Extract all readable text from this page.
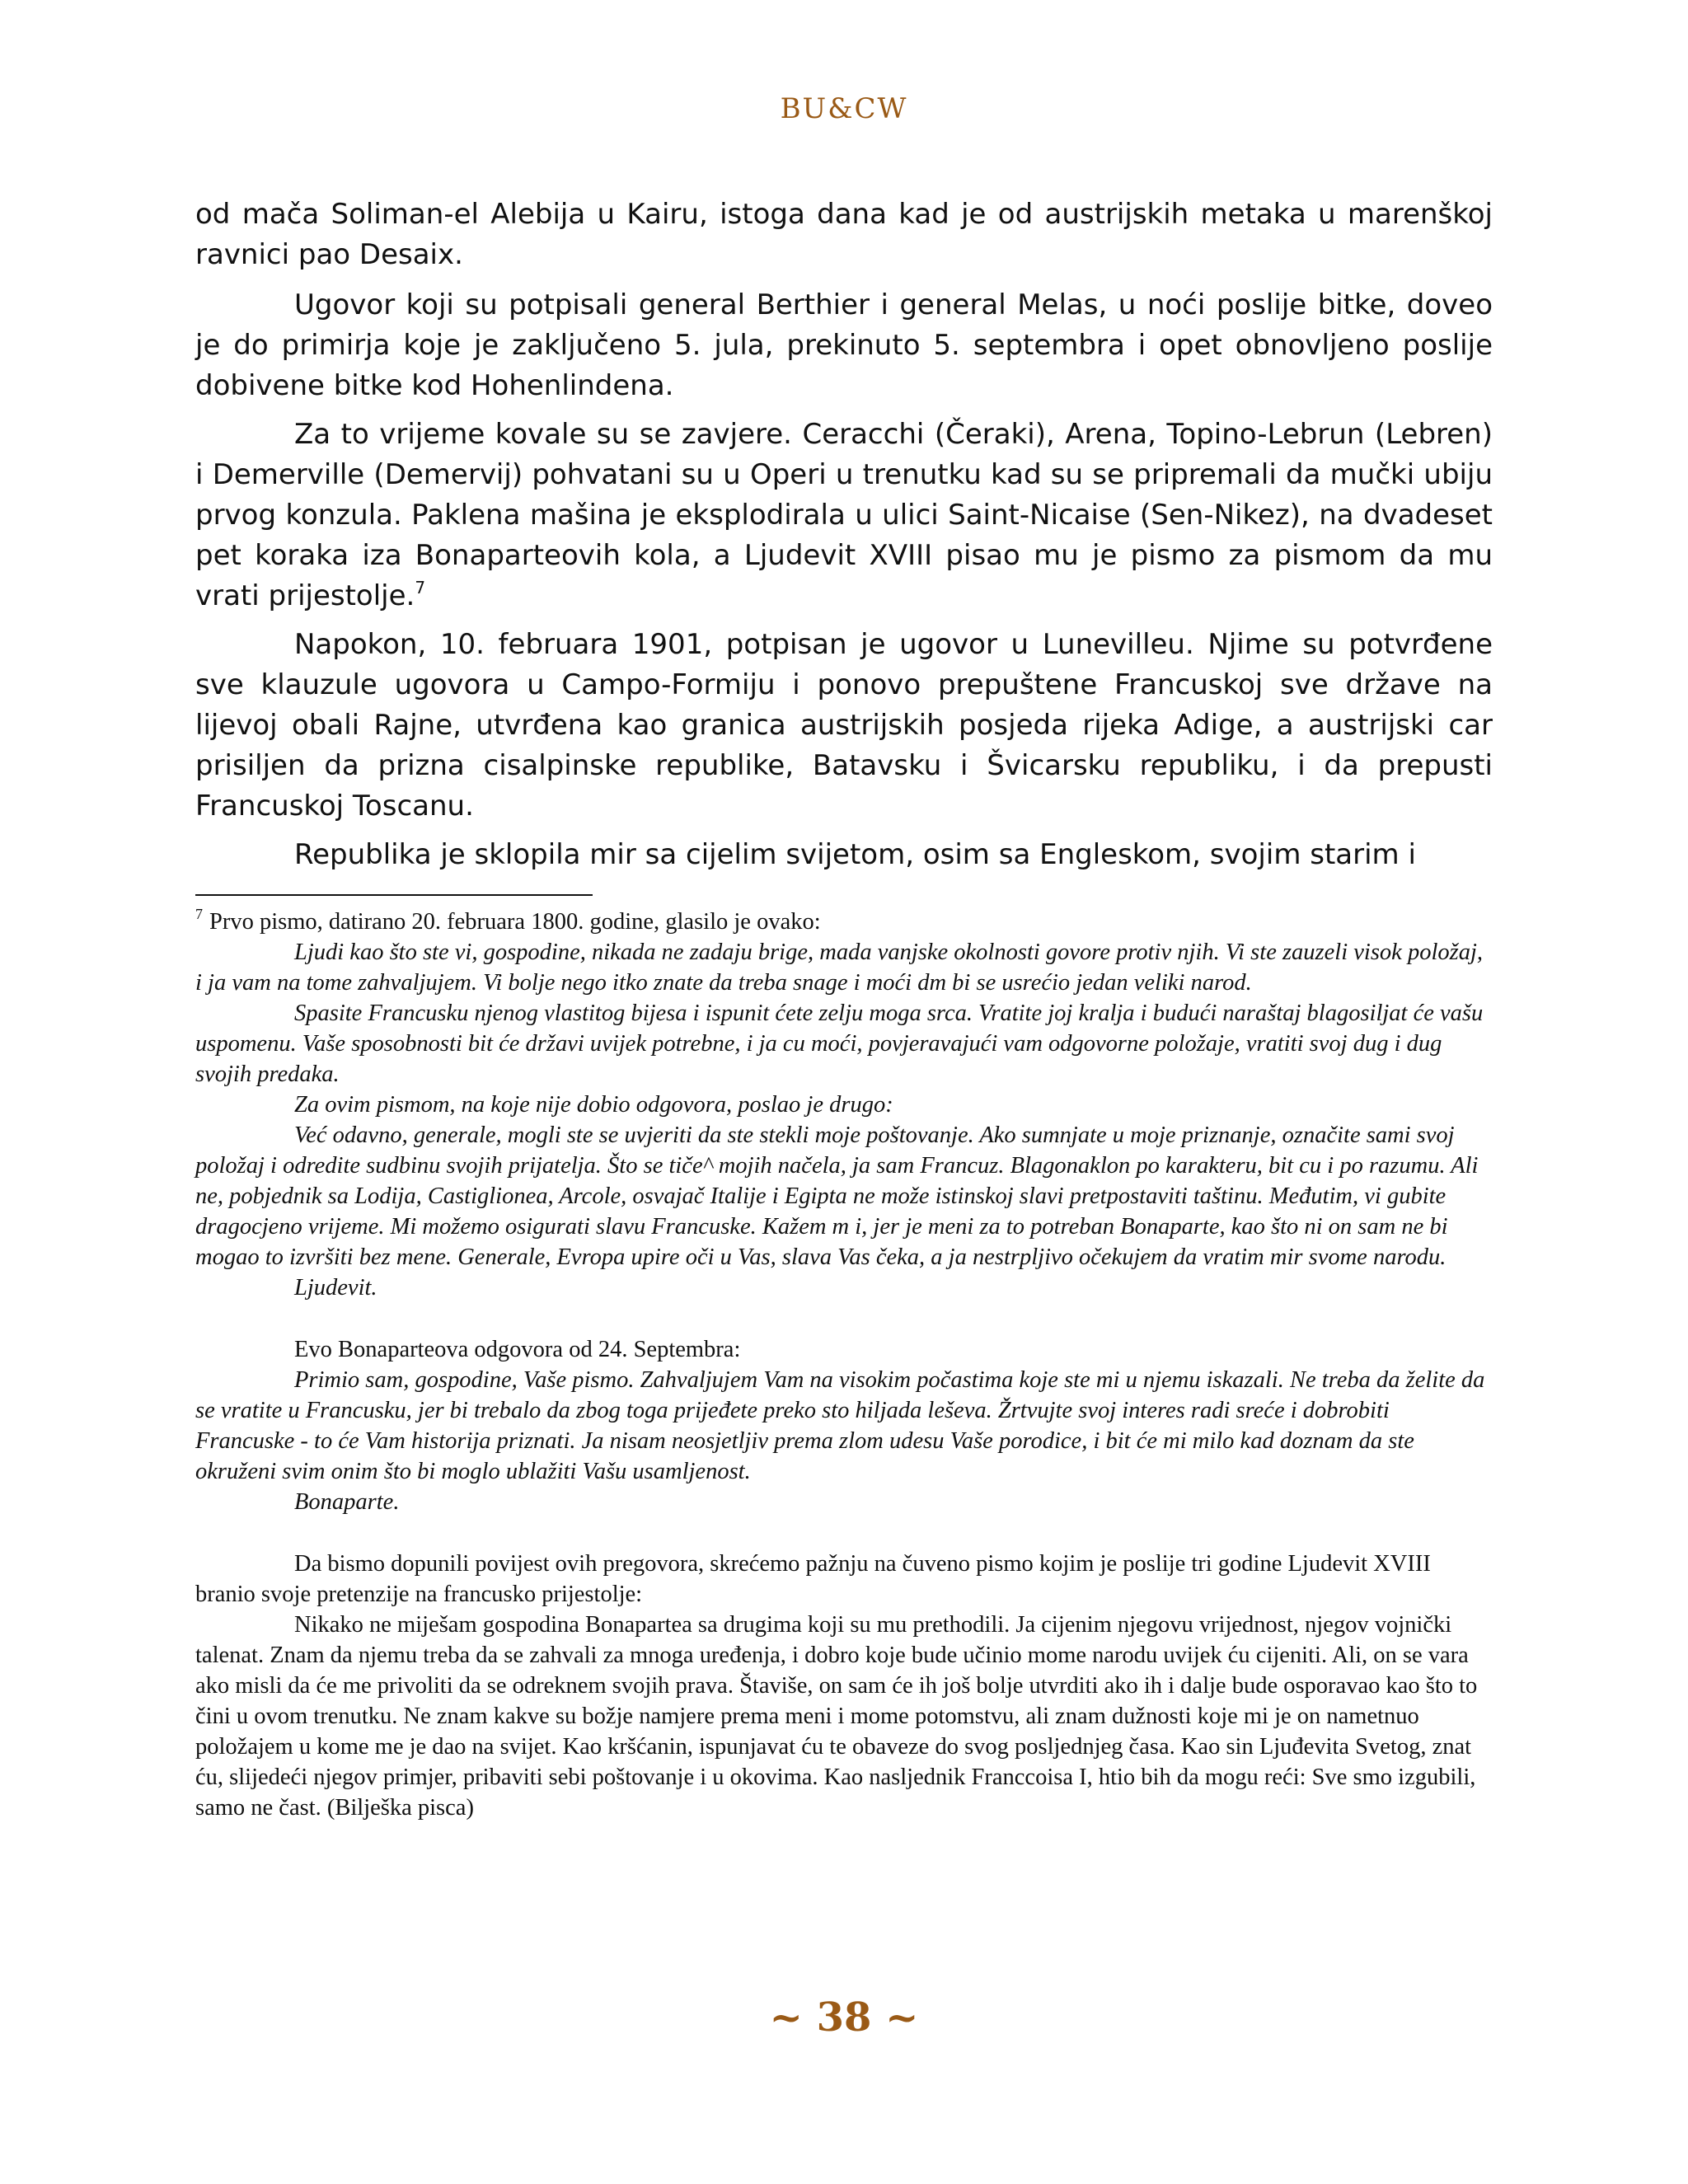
BU&CW

od mača Soliman-el Alebija u Kairu, istoga dana kad je od austrijskih metaka u marenškoj ravnici pao Desaix.

Ugovor koji su potpisali general Berthier i general Melas, u noći poslije bitke, doveo je do primirja koje je zaključeno 5. jula, prekinuto 5. septembra i opet obnovljeno poslije dobivene bitke kod Hohenlindena.

Za to vrijeme kovale su se zavjere. Ceracchi (Čeraki), Arena, Topino-Lebrun (Lebren) i Demerville (Demervij) pohvatani su u Operi u trenutku kad su se pripremali da mučki ubiju prvog konzula. Paklena mašina je eksplodirala u ulici Saint-Nicaise (Sen-Nikez), na dvadeset pet koraka iza Bonaparteovih kola, a Ljudevit XVIII pisao mu je pismo za pismom da mu vrati prijestolje.$^7$

Napokon, 10. februara 1901, potpisan je ugovor u Lunevilleu. Njime su potvrđene sve klauzule ugovora u Campo-Formiju i ponovo prepuštene Francuskoj sve države na lijevoj obali Rajne, utvrđena kao granica austrijskih posjeda rijeka Adige, a austrijski car prisiljen da prizna cisalpinske republike, Batavsku i Švicarsku republiku, i da prepusti Francuskoj Toscanu.

Republika je sklopila mir sa cijelim svijetom, osim sa Engleskom, svojim starim i

$^7$ Prvo pismo, datirano 20. februara 1800. godine, glasilo je ovako:

Ljudi kao što ste vi, gospodine, nikada ne zadaju brige, mada vanjske okolnosti govore protiv njih. Vi ste zauzeli visok položaj, i ja vam na tome zahvaljujem. Vi bolje nego itko znate da treba snage i moći dm bi se usrećio jedan veliki narod.

Spasite Francusku njenog vlastitog bijesa i ispunit ćete zelju moga srca. Vratite joj kralja i budući naraštaj blagosiljat će vašu uspomenu. Vaše sposobnosti bit će državi uvijek potrebne, i ja cu moći, povjeravajući vam odgovorne položaje, vratiti svoj dug i dug svojih predaka.

Za ovim pismom, na koje nije dobio odgovora, poslao je drugo:

Već odavno, generale, mogli ste se uvjeriti da ste stekli moje poštovanje. Ako sumnjate u moje priznanje, označite sami svoj položaj i odredite sudbinu svojih prijatelja. Što se tiče^ mojih načela, ja sam Francuz. Blagonaklon po karakteru, bit cu i po razumu. Ali ne, pobjednik sa Lodija, Castiglionea, Arcole, osvajač Italije i Egipta ne može istinskoj slavi pretpostaviti taštinu. Međutim, vi gubite dragocjeno vrijeme. Mi možemo osigurati slavu Francuske. Kažem m i, jer je meni za to potreban Bonaparte, kao što ni on sam ne bi mogao to izvršiti bez mene. Generale, Evropa upire oči u Vas, slava Vas čeka, a ja nestrpljivo očekujem da vratim mir svome narodu.

Ljudevit.

Evo Bonaparteova odgovora od 24. Septembra:

Primio sam, gospodine, Vaše pismo. Zahvaljujem Vam na visokim počastima koje ste mi u njemu iskazali. Ne treba da želite da se vratite u Francusku, jer bi trebalo da zbog toga prijeđete preko sto hiljada leševa. Žrtvujte svoj interes radi sreće i dobrobiti Francuske - to će Vam historija priznati. Ja nisam neosjetljiv prema zlom udesu Vaše porodice, i bit će mi milo kad doznam da ste okruženi svim onim što bi moglo ublažiti Vašu usamljenost.

Bonaparte.

Da bismo dopunili povijest ovih pregovora, skrećemo pažnju na čuveno pismo kojim je poslije tri godine Ljudevit XVIII branio svoje pretenzije na francusko prijestolje:

Nikako ne miješam gospodina Bonapartea sa drugima koji su mu prethodili. Ja cijenim njegovu vrijednost, njegov vojnički talenat. Znam da njemu treba da se zahvali za mnoga uređenja, i dobro koje bude učinio mome narodu uvijek ću cijeniti. Ali, on se vara ako misli da će me privoliti da se odreknem svojih prava. Štaviše, on sam će ih još bolje utvrditi ako ih i dalje bude osporavao kao što to čini u ovom trenutku. Ne znam kakve su božje namjere prema meni i mome potomstvu, ali znam dužnosti koje mi je on nametnuo položajem u kome me je dao na svijet. Kao kršćanin, ispunjavat ću te obaveze do svog posljednjeg časa. Kao sin Ljuđevita Svetog, znat ću, slijedeći njegov primjer, pribaviti sebi poštovanje i u okovima. Kao nasljednik Franccoisa I, htio bih da mogu reći: Sve smo izgubili, samo ne čast. (Bilješka pisca)

~ 38 ~
